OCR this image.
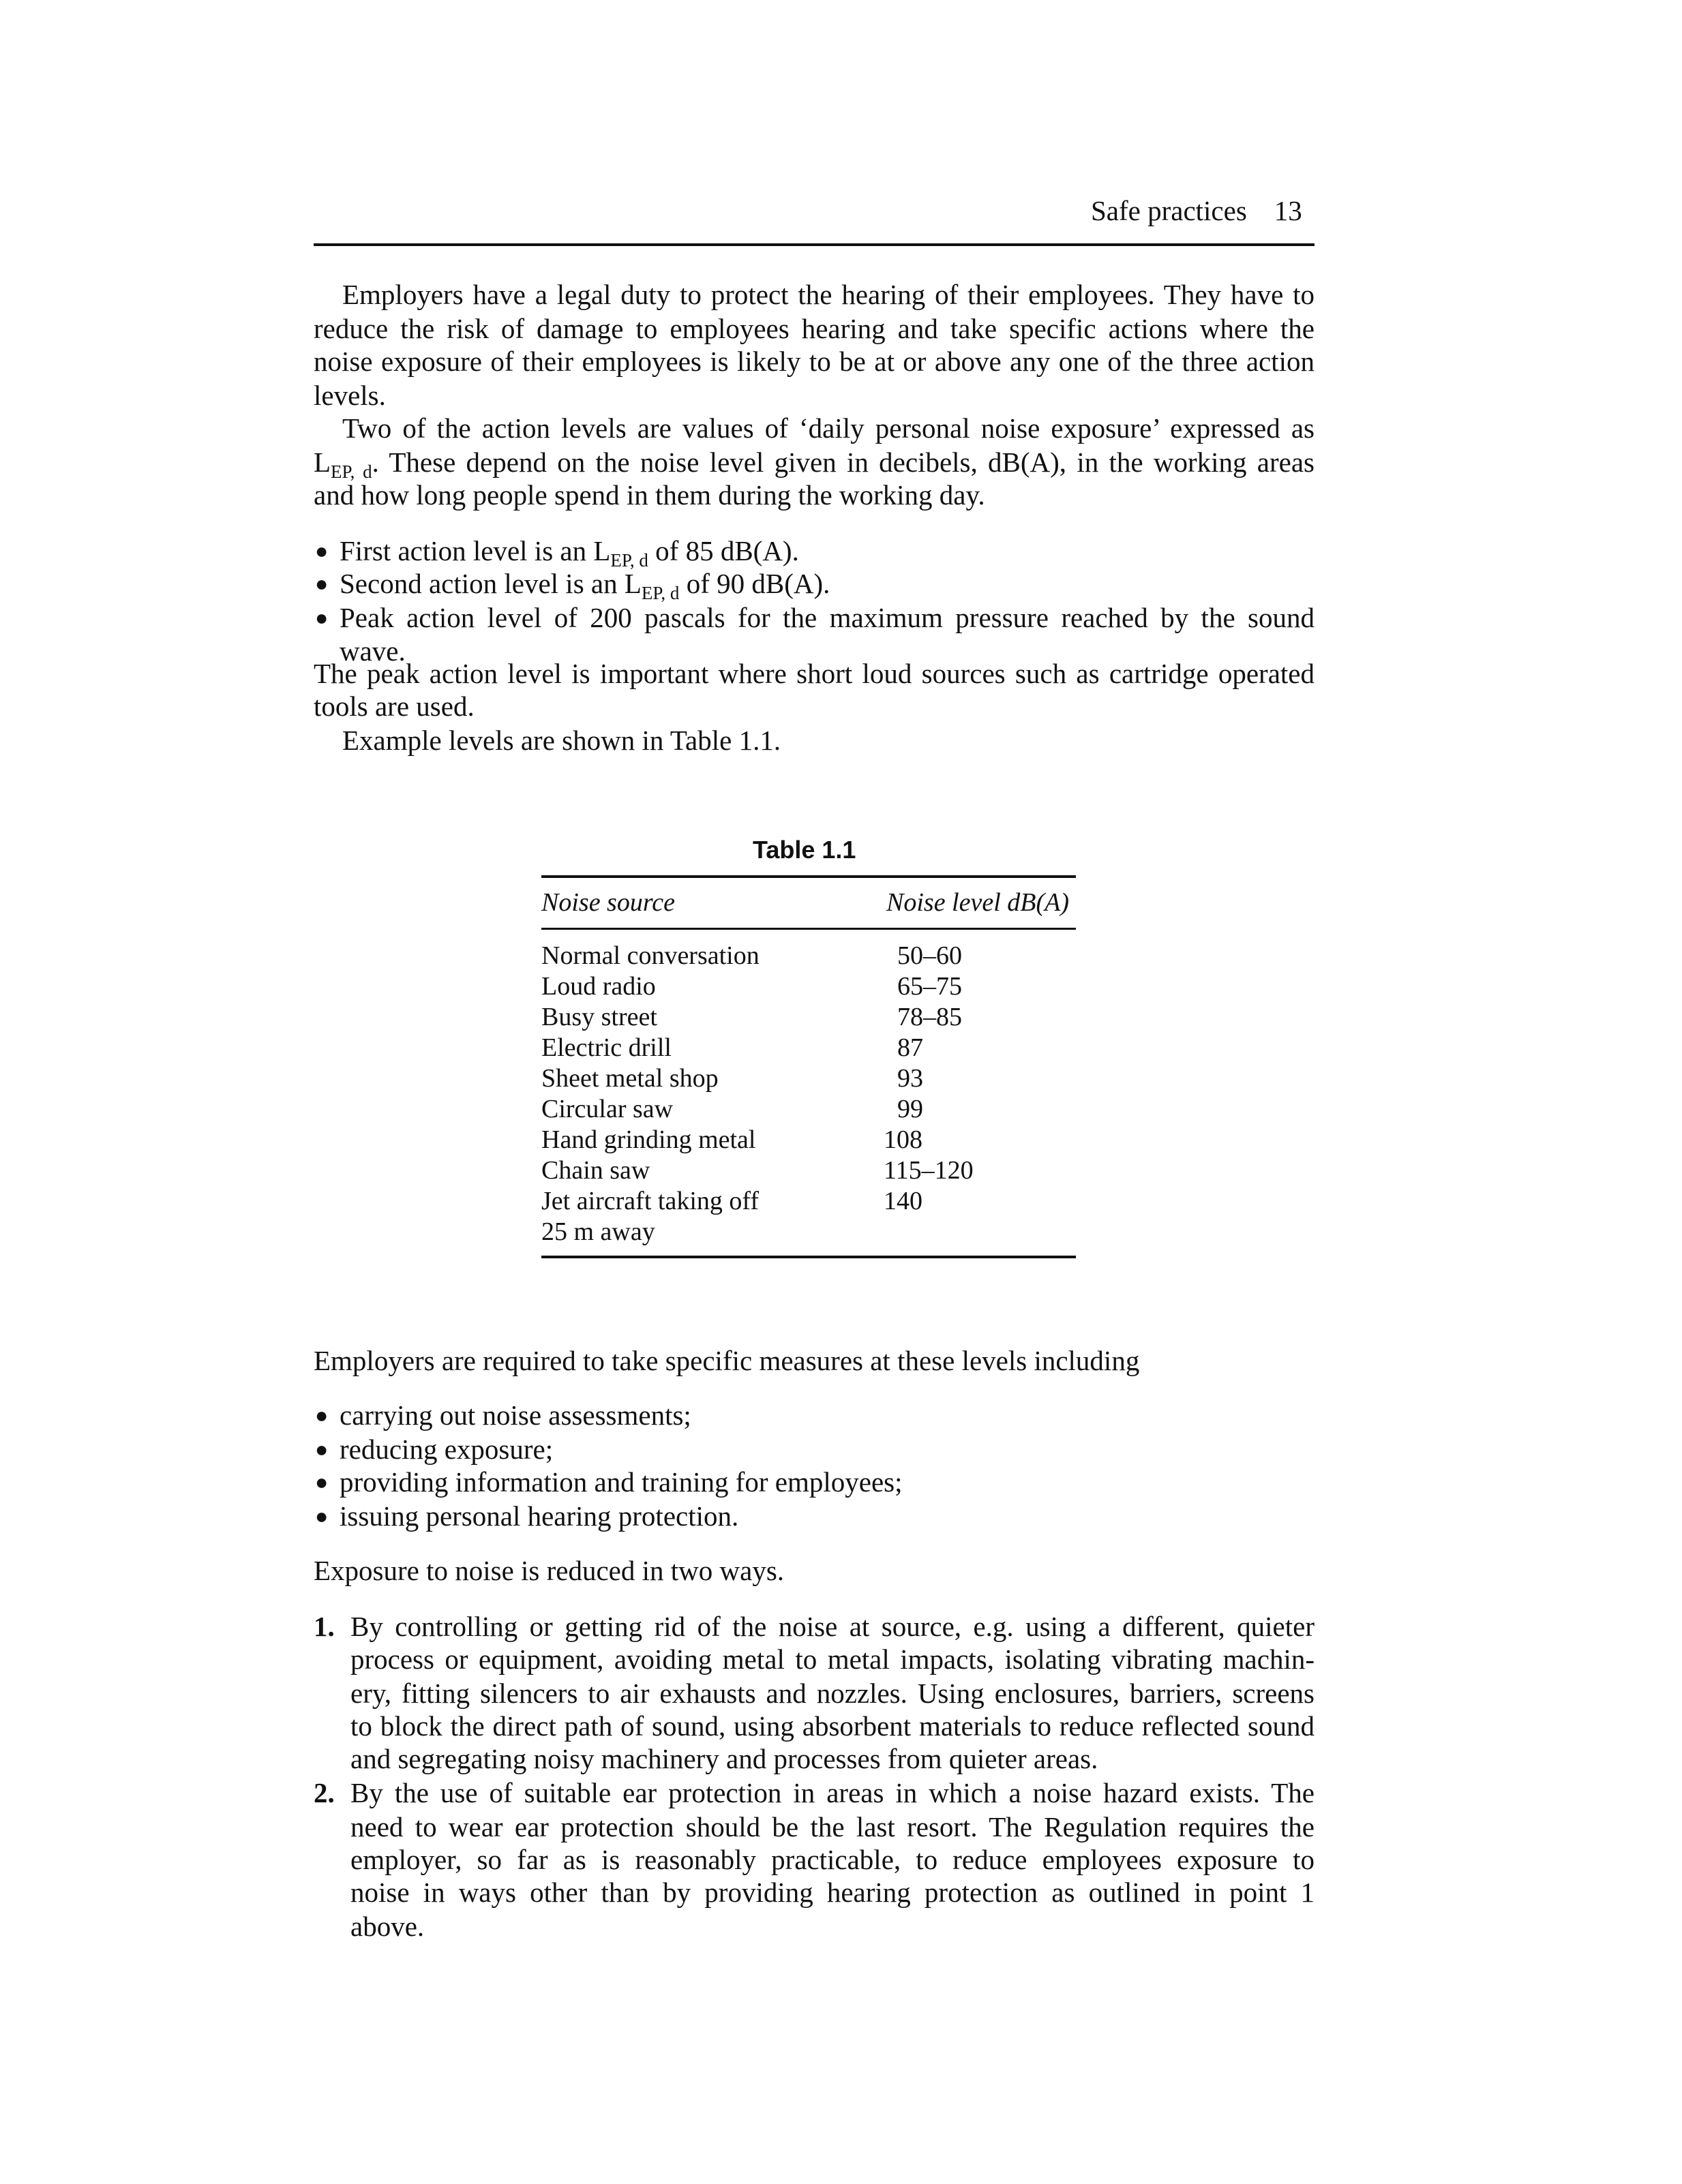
Safe practices 13
$L_{EP, d}$. These depend on the noise level given in decibels, dB(A), in the working areas
● First action level is an $L_{EP, d}$ of 85 dB(A).
● Second action level is an $L_{EP, d}$ of 90 dB(A).
● Peak action level of 200 pascals for the maximum pressure reached by the sound wave.
Table 1.1
Noise source	Noise level dB(A)
Normal conversation	50–60
Loud radio	65–75
Busy street	78–85
Electric drill	87
Sheet metal shop	93
Circular saw	99
Hand grinding metal	108
Chain saw	115–120
Jet aircraft taking off	140
25 m away
Employers have a legal duty to protect the hearing of their employees. They have to
reduce the risk of damage to employees hearing and take specific actions where the
noise exposure of their employees is likely to be at or above any one of the three action
levels.
Two of the action levels are values of ‘daily personal noise exposure’ expressed as
and how long people spend in them during the working day.
The peak action level is important where short loud sources such as cartridge operated
tools are used.
Example levels are shown in Table 1.1.
Employers are required to take specific measures at these levels including
● carrying out noise assessments;
● reducing exposure;
● providing information and training for employees;
● issuing personal hearing protection.
Exposure to noise is reduced in two ways.
1. By controlling or getting rid of the noise at source, e.g. using a different, quieter
process or equipment, avoiding metal to metal impacts, isolating vibrating machin-
ery, fitting silencers to air exhausts and nozzles. Using enclosures, barriers, screens
to block the direct path of sound, using absorbent materials to reduce reflected sound
and segregating noisy machinery and processes from quieter areas.
2. By the use of suitable ear protection in areas in which a noise hazard exists. The
need to wear ear protection should be the last resort. The Regulation requires the
employer, so far as is reasonably practicable, to reduce employees exposure to
noise in ways other than by providing hearing protection as outlined in point 1
above.
